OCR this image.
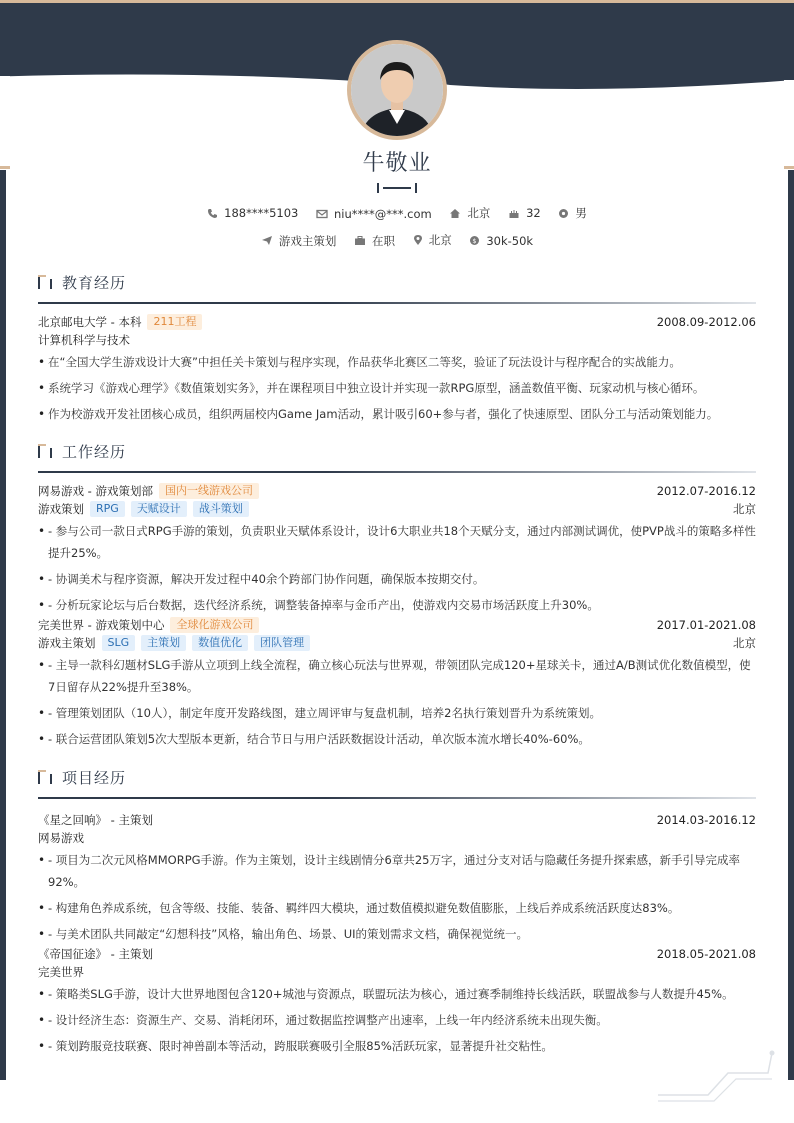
牛敬业
188****5103
	niu****@***.com
	北京
	32
	男
游戏主策划
	在职
	北京
	$ 30k-50k
教育经历
北京邮电大学 - 本科	211工程	2008.09-2012.06
计算机科学与技术
• 在“全国大学生游戏设计大赛”中担任关卡策划与程序实现，作品获华北赛区二等奖，验证了玩法设计与程序配合的实战能力。
• 系统学习《游戏心理学》《数值策划实务》，并在课程项目中独立设计并实现一款RPG原型，涵盖数值平衡、玩家动机与核心循环。
• 作为校游戏开发社团核心成员，组织两届校内Game Jam活动，累计吸引60+参与者，强化了快速原型、团队分工与活动策划能力。
工作经历
网易游戏 - 游戏策划部	国内一线游戏公司	2012.07-2016.12
游戏策划	RPG	天赋设计	战斗策划	北京
• - 参与公司一款日式RPG手游的策划，负责职业天赋体系设计，设计6大职业共18个天赋分支，通过内部测试调优，使PVP战斗的策略多样性提升25%。
• - 协调美术与程序资源，解决开发过程中40余个跨部门协作问题，确保版本按期交付。
• - 分析玩家论坛与后台数据，迭代经济系统，调整装备掉率与金币产出，使游戏内交易市场活跃度上升30%。
完美世界 - 游戏策划中心	全球化游戏公司	2017.01-2021.08
游戏主策划	SLG	主策划	数值优化	团队管理	北京
• - 主导一款科幻题材SLG手游从立项到上线全流程，确立核心玩法与世界观，带领团队完成120+星球关卡，通过A/B测试优化数值模型，使7日留存从22%提升至38%。
• - 管理策划团队（10人），制定年度开发路线图，建立周评审与复盘机制，培养2名执行策划晋升为系统策划。
• - 联合运营团队策划5次大型版本更新，结合节日与用户活跃数据设计活动，单次版本流水增长40%-60%。
项目经历
《星之回响》 - 主策划	2014.03-2016.12
网易游戏
• - 项目为二次元风格MMORPG手游。作为主策划，设计主线剧情分6章共25万字，通过分支对话与隐藏任务提升探索感，新手引导完成率92%。
• - 构建角色养成系统，包含等级、技能、装备、羁绊四大模块，通过数值模拟避免数值膨胀，上线后养成系统活跃度达83%。
• - 与美术团队共同敲定“幻想科技”风格，输出角色、场景、UI的策划需求文档，确保视觉统一。
《帝国征途》 - 主策划	2018.05-2021.08
完美世界
• - 策略类SLG手游，设计大世界地图包含120+城池与资源点，联盟玩法为核心，通过赛季制维持长线活跃，联盟战参与人数提升45%。
• - 设计经济生态：资源生产、交易、消耗闭环，通过数据监控调整产出速率，上线一年内经济系统未出现失衡。
• - 策划跨服竞技联赛、限时神兽副本等活动，跨服联赛吸引全服85%活跃玩家，显著提升社交粘性。
